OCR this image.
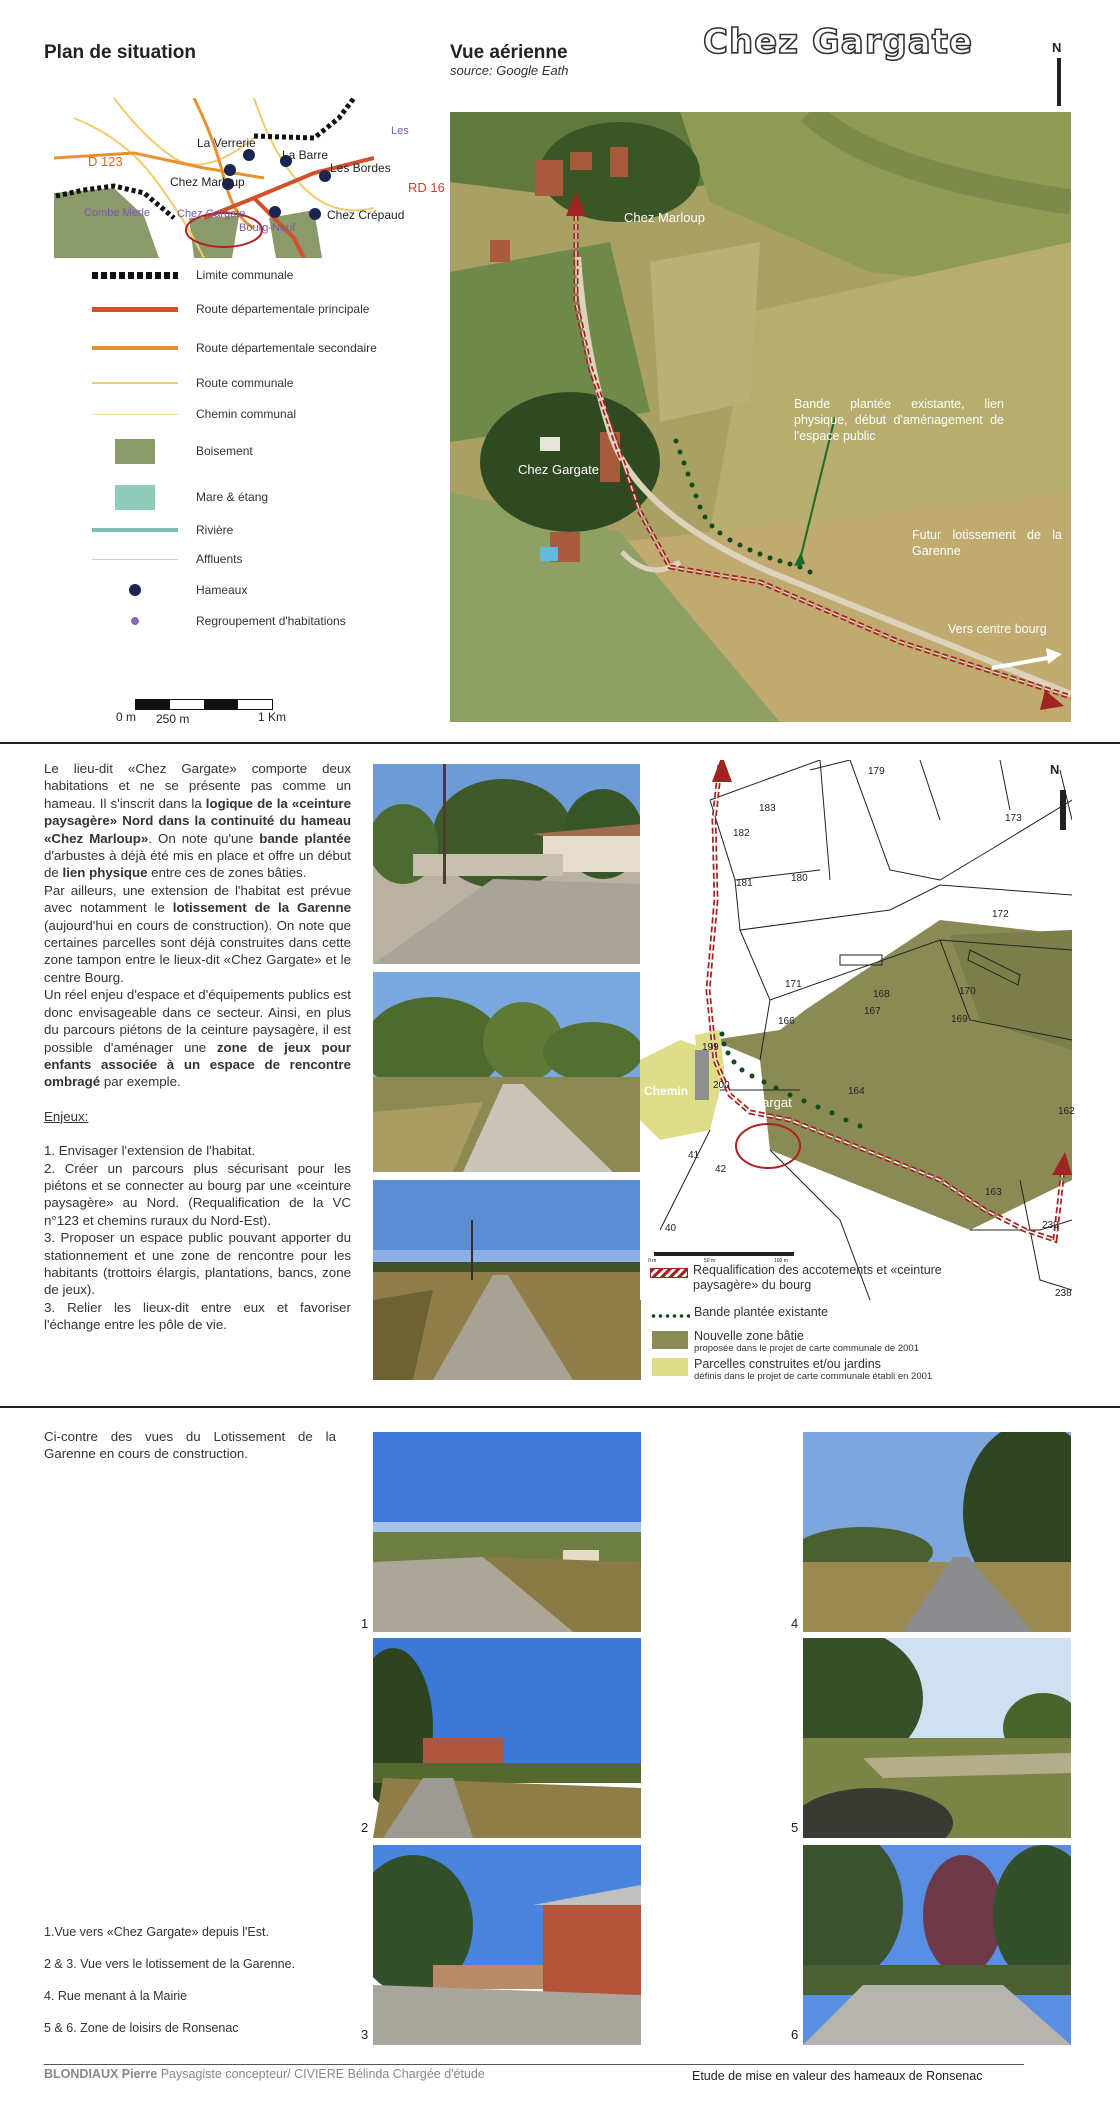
Plan de situation	Vue aérienne
source: Google Eath
Chez Gargate	N
La Verrerie
La Barre
Les
D 123	Les Bordes
Chez Marloup	RD 16
Combe Merle Chez Gargate	Chez Crépaud
Bourg-Neuf
Limite communale
Route départementale principale
Route départementale secondaire
Route communale
Chemin communal
Boisement
Mare & étang
Rivière
Affluents
Hameaux
Regroupement d'habitations
0 m 250 m	1 Km
Chez Marloup
Chez Gargate
Bande plantée existante, lien physique, début d'aménagement de l'espace public
Futur lotissement de la Garenne
Vers centre bourg
Le lieu-dit «Chez Gargate» comporte deux habitations et ne se présente pas comme un hameau. Il s'inscrit dans la logique de la «ceinture paysagère» Nord dans la continuité du hameau «Chez Marloup». On note qu'une bande plantée d'arbustes à déjà été mis en place et offre un début de lien physique entre ces de zones bâties.
Par ailleurs, une extension de l'habitat est prévue avec notamment le lotissement de la Garenne (aujourd'hui en cours de construction). On note que certaines parcelles sont déjà construites dans cette zone tampon entre le lieux-dit «Chez Gargate» et le centre Bourg.
Un réel enjeu d'espace et d'équipements publics est donc envisageable dans ce secteur. Ainsi, en plus du parcours piétons de la ceinture paysagère, il est possible d'aménager une zone de jeux pour enfants associée à un espace de rencontre ombragé par exemple.
Enjeux:
1. Envisager l'extension de l'habitat.
2. Créer un parcours plus sécurisant pour les piétons et se connecter au bourg par une «ceinture paysagère» au Nord. (Requalification de la VC n°123 et chemins ruraux du Nord-Est).
3. Proposer un espace public pouvant apporter du stationnement et une zone de rencontre pour les habitants (trottoirs élargis, plantations, bancs, zone de jeux).
3. Relier les lieux-dit entre eux et favoriser l'échange entre les pôle de vie.
179
183
182
173
181	180
172
171
168
167
170
166	169
199
200
164
162
41
42
163
40	239
238
Chemin
Gargat
N
0 m	50 m	100 m
Requalification des accotements et «ceinture paysagère» du bourg
Bande plantée existante
Nouvelle zone bâtie
proposée dans le projet de carte communale de 2001
Parcelles construites et/ou jardins
définis dans le projet de carte communale établi en 2001
Ci-contre des vues du Lotissement de la Garenne en cours de construction.
1
2
3
4
5
6
1.Vue vers «Chez Gargate» depuis l'Est.
2 & 3. Vue vers le lotissement de la Garenne.
4. Rue menant à la Mairie
5 & 6. Zone de loisirs de Ronsenac
BLONDIAUX Pierre Paysagiste concepteur/ CIVIERE Bélinda Chargée d'étude	Etude de mise en valeur des hameaux de Ronsenac
